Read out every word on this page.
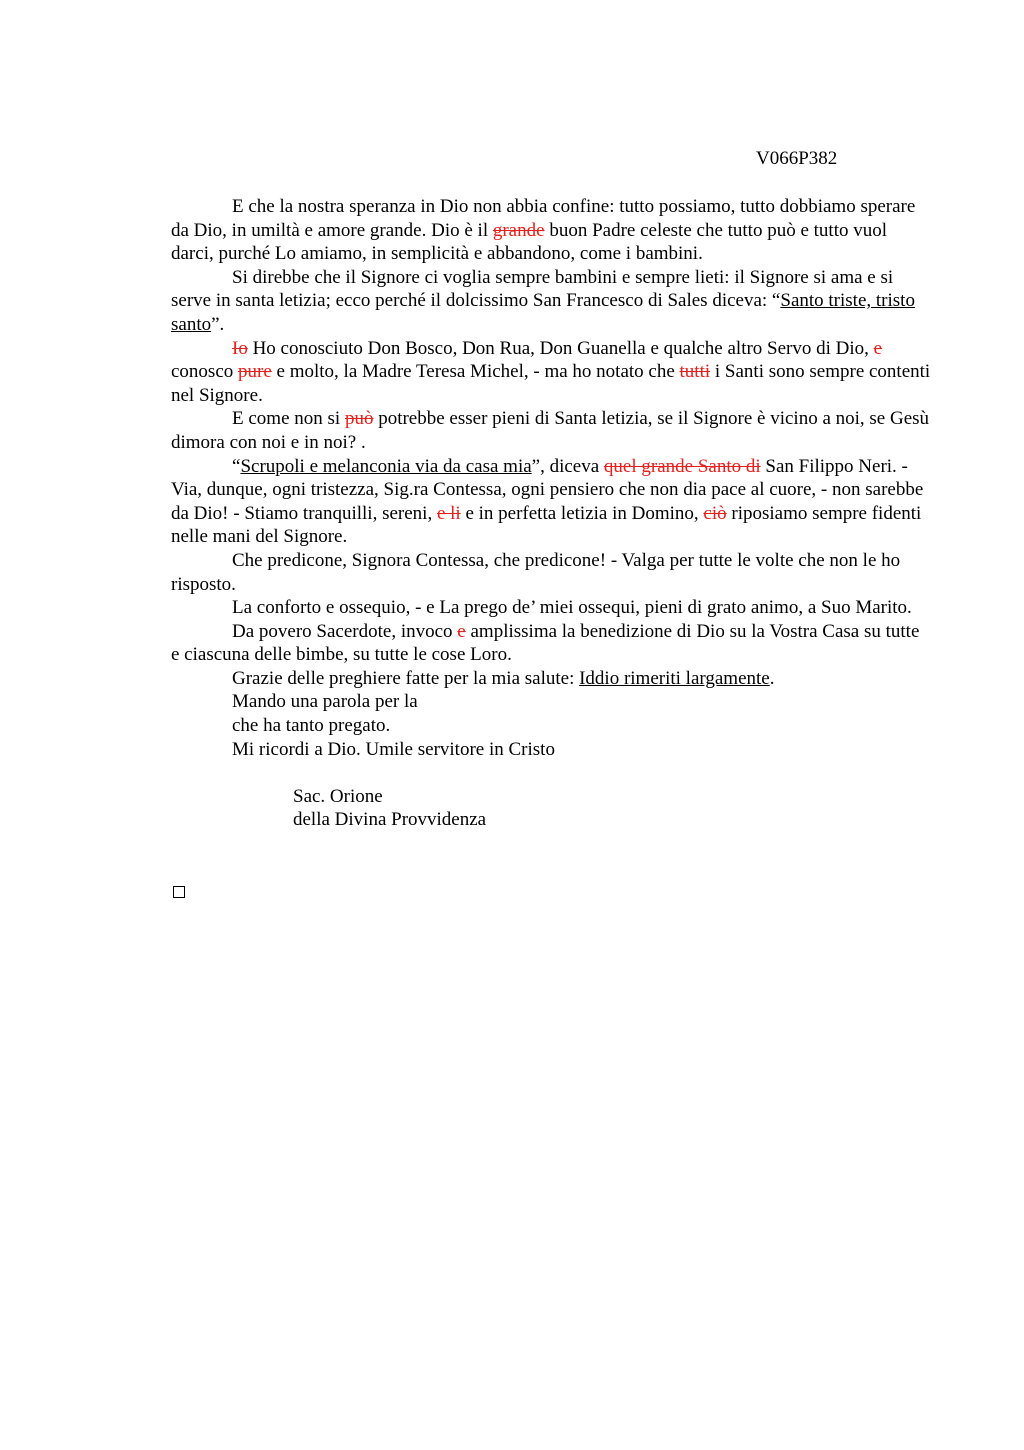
V066P382

E che la nostra speranza in Dio non abbia confine: tutto possiamo, tutto dobbiamo sperare da Dio, in umiltà e amore grande. Dio è il grande buon Padre celeste che tutto può e tutto vuol darci, purché Lo amiamo, in semplicità e abbandono, come i bambini.

Si direbbe che il Signore ci voglia sempre bambini e sempre lieti: il Signore si ama e si serve in santa letizia; ecco perché il dolcissimo San Francesco di Sales diceva: “Santo triste, tristo santo”.

Io Ho conosciuto Don Bosco, Don Rua, Don Guanella e qualche altro Servo di Dio, e conosco pure e molto, la Madre Teresa Michel, - ma ho notato che tutti i Santi sono sempre contenti nel Signore.

E come non si può potrebbe esser pieni di Santa letizia, se il Signore è vicino a noi, se Gesù dimora con noi e in noi? .

“Scrupoli e melanconia via da casa mia”, diceva quel grande Santo di San Filippo Neri. - Via, dunque, ogni tristezza, Sig.ra Contessa, ogni pensiero che non dia pace al cuore, - non sarebbe da Dio! - Stiamo tranquilli, sereni, e li e in perfetta letizia in Domino, ciò riposiamo sempre fidenti nelle mani del Signore.

Che predicone, Signora Contessa, che predicone! - Valga per tutte le volte che non le ho risposto.

La conforto e ossequio, - e La prego de’ miei ossequi, pieni di grato animo, a Suo Marito.

Da povero Sacerdote, invoco e amplissima la benedizione di Dio su la Vostra Casa su tutte e ciascuna delle bimbe, su tutte le cose Loro.

Grazie delle preghiere fatte per la mia salute: Iddio rimeriti largamente.

Mando una parola per la

che ha tanto pregato.

Mi ricordi a Dio. Umile servitore in Cristo

Sac. Orione
della Divina Provvidenza
